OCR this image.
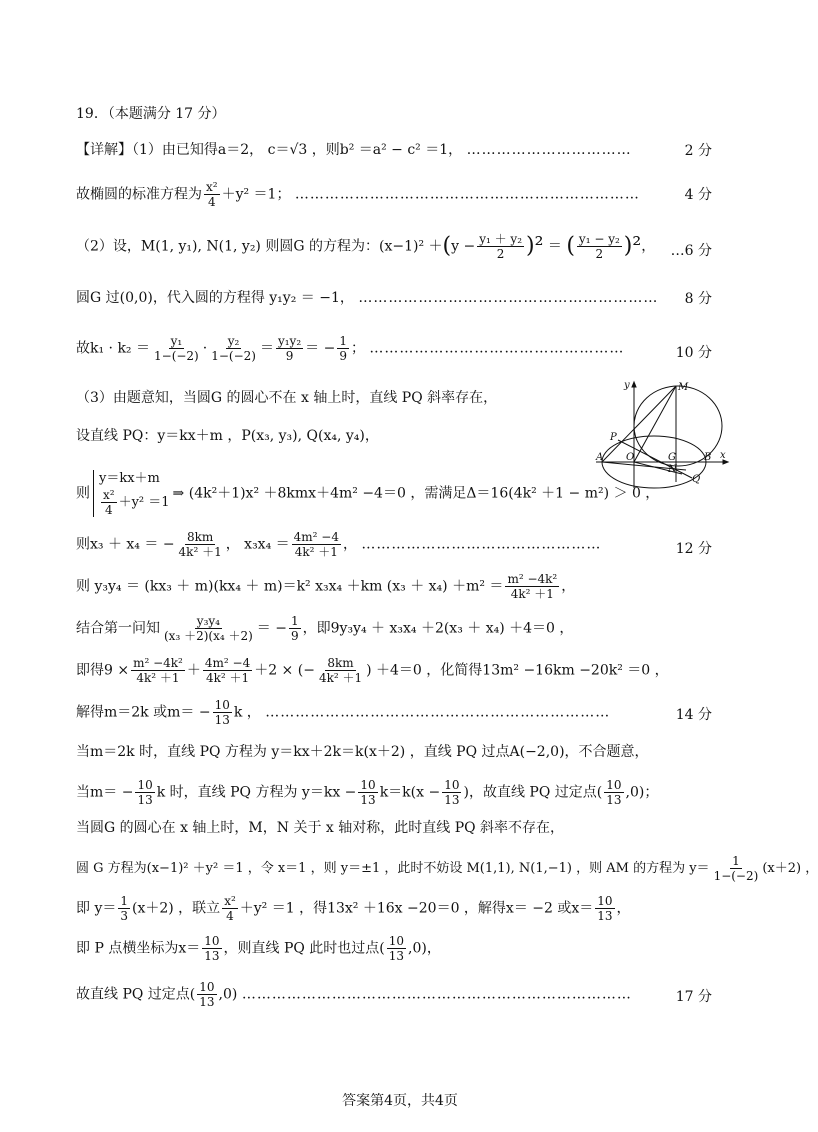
19．（本题满分 17 分）
【详解】（1）由已知得a＝2， c＝√3 ，则b² ＝a² − c² ＝1， ……………………………	2 分
故椭圆的标准方程为 $\frac{\text{x²}}{4} +y^2 =1$； ……………………………………………………………	4 分
（2）设，M(1, y₁), N(1, y₂) 则圆G 的方程为：$(x-1)^2 +(y - \frac{\text{y₁ ＋ y₂}}{2} )^2$ ＝ ( $\frac{\text{y₁ − y₂}}{2} )^2$， …6 分
圆G 过(0,0)，代入圆的方程得 y₁y₂ ＝ −1， …………………………………………………… 8 分
故$k_1 \cdot k_2 = \frac{\text{y₁}}{1-(-2)} \cdot \frac{\text{y₂}}{1-(-2)} = \frac{\text{y₁y₂}}{9}$ ＝ − $\frac{1}{9}$ ； ……………………………………………	10 分
（3）由题意知，当圆G 的圆心不在 x 轴上时，直线 PQ 斜率存在，
设直线 PQ：y＝kx＋m ，P(x₃, y₃), Q(x₄, y₄)，
则
y＝kx＋m
$\frac{\text{x²}}{4} +y^2 =1$
⇒ (4k²＋1)x² ＋8kmx＋4m² −4＝0 ，需满足Δ＝16(4k² ＋1 − m²) ＞ 0 ，
则x₃ ＋ x₄ ＝ − $\frac{8km}{\text{4k² ＋1}}$ ， $x_3x_4 = \frac{\text{4m² −4}}{\text{4k² ＋1}}$ ， …………………………………………	12 分
则 y₃y₄ ＝ (kx₃ ＋ m)(kx₄ ＋ m)＝k² x₃x₄ ＋km $(x_3 + x_4) +m^2 = \frac{\text{m² −4k²}}{\text{4k² ＋1}}$ ，
结合第一问知 $\frac{\text{y₃y₄}}{\text{(x₃ ＋2)(x₄ ＋2)}}$ ＝ − $\frac{1}{9}$ ，即9y₃y₄ ＋ x₃x₄ ＋2(x₃ ＋ x₄) ＋4＝0 ，
即得$9 \times \frac{\text{m² −4k²}}{\text{4k² ＋1}} + \frac{\text{4m² −4}}{\text{4k² ＋1}} +2$ × (− $\frac{8km}{\text{4k² ＋1}}$ ) ＋4＝0 ，化简得13m² −16km −20k² ＝0 ，
解得m＝2k 或$m= - \frac{10}{13}$ k ， ……………………………………………………………	14 分
当m＝2k 时，直线 PQ 方程为 y＝kx＋2k＝k(x＋2) ，直线 PQ 过点A(−2,0)，不合题意，
当$m= - \frac{10}{13}$ k 时，直线 PQ 方程为 $y=kx - \frac{10}{13} k=k(x - \frac{10}{13}$ )，故直线 PQ 过定点( $\frac{10}{13} ,0$)；
当圆G 的圆心在 x 轴上时，M，N 关于 x 轴对称，此时直线 PQ 斜率不存在，
圆 G 方程为(x−1)² ＋y² ＝1 ，令 x＝1 ，则 y＝±1 ，此时不妨设 M(1,1), N(1,−1) ，则 AM 的方程为 $y= \frac{1}{1-(-2)} (x+2)$ ，
即 $y= \frac{1}{3} (x+2)$ ，联立 $\frac{\text{x²}}{4} +y^2 =1$ ，得13x² ＋16x −20＝0 ，解得x＝ −2 或$x= \frac{10}{13}$ ，
即 P 点横坐标为$x= \frac{10}{13}$ ，则直线 PQ 此时也过点( $\frac{10}{13} ,0$)，
故直线 PQ 过定点( $\frac{10}{13} ,0$) ……………………………………………………………………	17 分
y	M
P
A O	G
N
B x
Q
答案第4页，共4页
